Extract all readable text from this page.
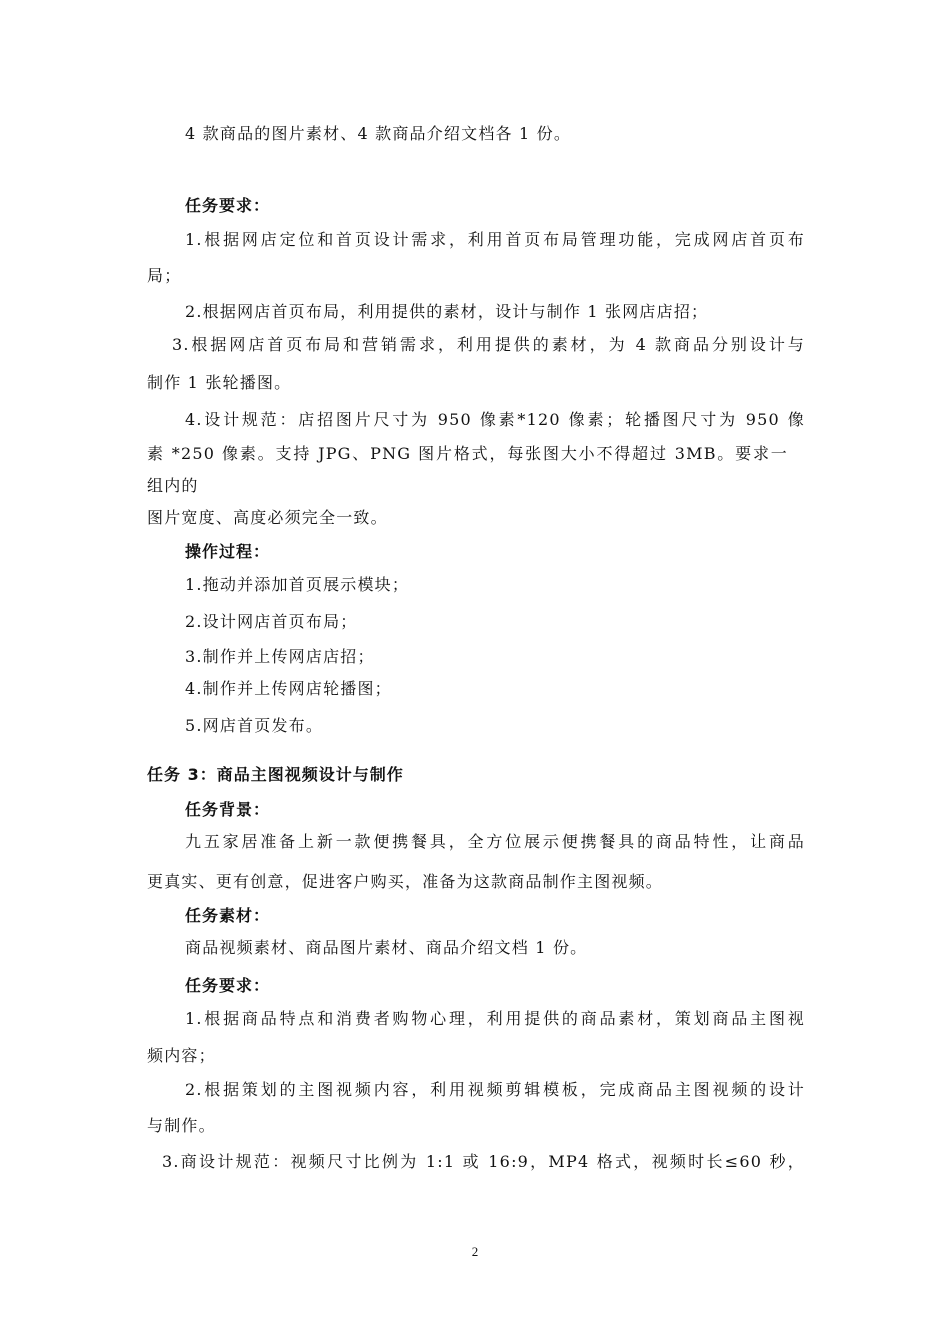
4 款商品的图片素材、4 款商品介绍文档各 1 份。
任务要求：
1.根据网店定位和首页设计需求，利用首页布局管理功能，完成网店首页布
局；
2.根据网店首页布局，利用提供的素材，设计与制作 1 张网店店招；
3.根据网店首页布局和营销需求，利用提供的素材，为 4 款商品分别设计与
制作 1 张轮播图。
4.设计规范：店招图片尺寸为 950 像素*120 像素；轮播图尺寸为 950 像
素 *250 像素。支持 JPG、PNG 图片格式，每张图大小不得超过 3MB。要求一
组内的
图片宽度、高度必须完全一致。
操作过程：
1.拖动并添加首页展示模块；
2.设计网店首页布局；
3.制作并上传网店店招；
4.制作并上传网店轮播图；
5.网店首页发布。
任务 3：商品主图视频设计与制作
任务背景：
九五家居准备上新一款便携餐具，全方位展示便携餐具的商品特性，让商品
更真实、更有创意，促进客户购买，准备为这款商品制作主图视频。
任务素材：
商品视频素材、商品图片素材、商品介绍文档 1 份。
任务要求：
1.根据商品特点和消费者购物心理，利用提供的商品素材，策划商品主图视
频内容；
2.根据策划的主图视频内容，利用视频剪辑模板，完成商品主图视频的设计
与制作。
3.商设计规范：视频尺寸比例为 1:1 或 16:9，MP4 格式，视频时长≤60 秒，
2
